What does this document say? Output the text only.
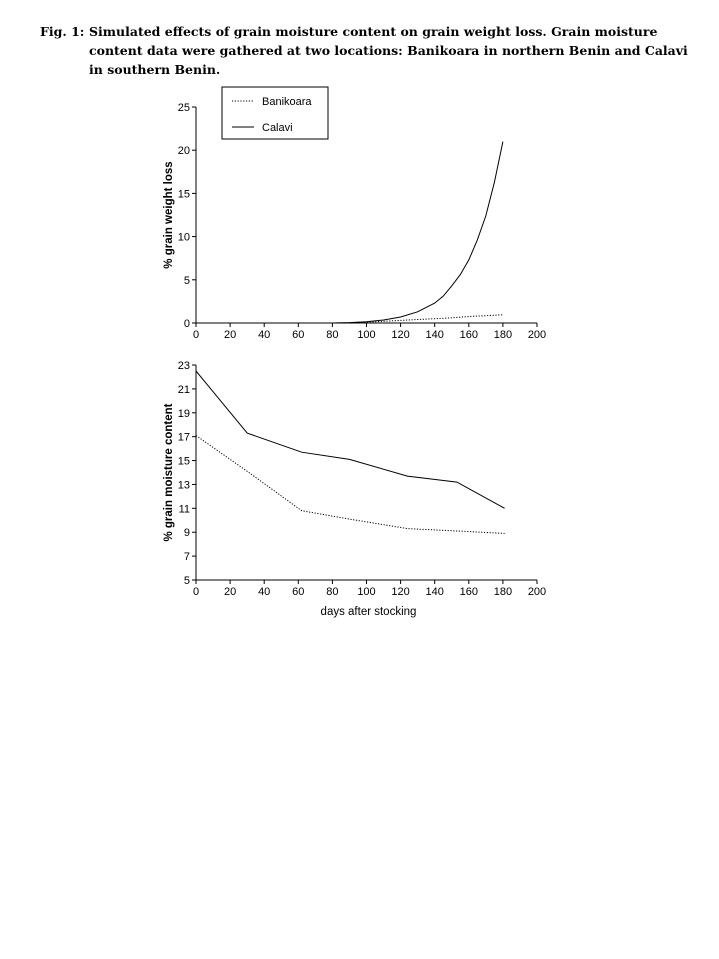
Fig. 1: Simulated effects of grain moisture content on grain weight loss. Grain moisture content data were gathered at two locations: Banikoara in northern Benin and Calavi in southern Benin.
0 20 40 60 80 100 120 140 160 180 200
0
5
10
15
20
25
% grain weight loss
Banikoara
Calavi
0 20 40 60 80 100 120 140 160 180 200
5
7
9
11
13
15
17
19
21
23
% grain moisture content
days after stocking
